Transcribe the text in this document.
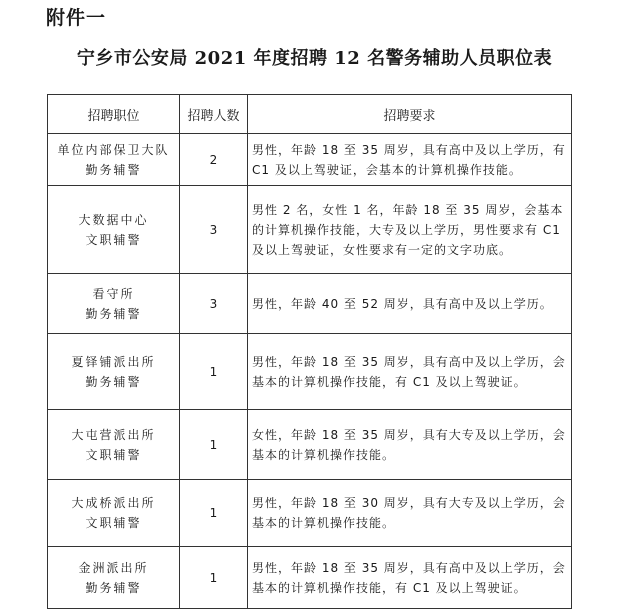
附件一
宁乡市公安局 2021 年度招聘 12 名警务辅助人员职位表
招聘职位	招聘人数	招聘要求

单位内部保卫大队
勤务辅警	2	男性，年龄 18 至 35 周岁，具有高中及以上学历，有 C1 及以上驾驶证，会基本的计算机操作技能。

大数据中心
文职辅警	3	男性 2 名，女性 1 名，年龄 18 至 35 周岁，会基本的计算机操作技能，大专及以上学历，男性要求有 C1 及以上驾驶证，女性要求有一定的文字功底。

看守所
勤务辅警	3	男性，年龄 40 至 52 周岁，具有高中及以上学历。

夏铎铺派出所
勤务辅警	1	男性，年龄 18 至 35 周岁，具有高中及以上学历，会基本的计算机操作技能，有 C1 及以上驾驶证。

大屯营派出所
文职辅警	1	女性，年龄 18 至 35 周岁，具有大专及以上学历，会基本的计算机操作技能。

大成桥派出所
文职辅警	1	男性，年龄 18 至 30 周岁，具有大专及以上学历，会基本的计算机操作技能。

金洲派出所
勤务辅警	1	男性，年龄 18 至 35 周岁，具有高中及以上学历，会基本的计算机操作技能，有 C1 及以上驾驶证。
